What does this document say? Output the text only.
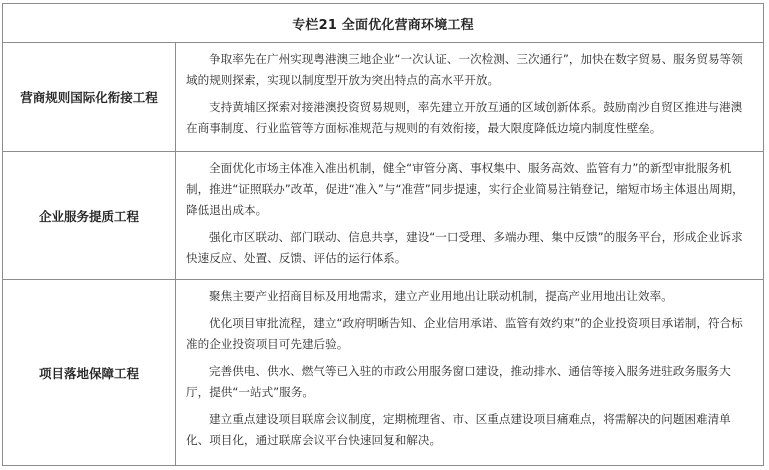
专栏21 全面优化营商环境工程
营商规则国际化衔接工程

争取率先在广州实现粤港澳三地企业“一次认证、一次检测、三次通行”，加快在数字贸易、服务贸易等领域的规则探索，实现以制度型开放为突出特点的高水平开放。

支持黄埔区探索对接港澳投资贸易规则，率先建立开放互通的区域创新体系。鼓励南沙自贸区推进与港澳在商事制度、行业监管等方面标准规范与规则的有效衔接，最大限度降低边境内制度性壁垒。

企业服务提质工程

全面优化市场主体准入准出机制，健全“审管分离、事权集中、服务高效、监管有力”的新型审批服务机制，推进“证照联办”改革，促进“准入”与“准营”同步提速，实行企业简易注销登记，缩短市场主体退出周期，降低退出成本。

强化市区联动、部门联动、信息共享，建设“一口受理、多端办理、集中反馈”的服务平台，形成企业诉求快速反应、处置、反馈、评估的运行体系。

项目落地保障工程

聚焦主要产业招商目标及用地需求，建立产业用地出让联动机制，提高产业用地出让效率。

优化项目审批流程，建立“政府明晰告知、企业信用承诺、监管有效约束”的企业投资项目承诺制，符合标准的企业投资项目可先建后验。

完善供电、供水、燃气等已入驻的市政公用服务窗口建设，推动排水、通信等接入服务进驻政务服务大厅，提供“一站式”服务。

建立重点建设项目联席会议制度，定期梳理省、市、区重点建设项目痛难点，将需解决的问题困难清单化、项目化，通过联席会议平台快速回复和解决。
